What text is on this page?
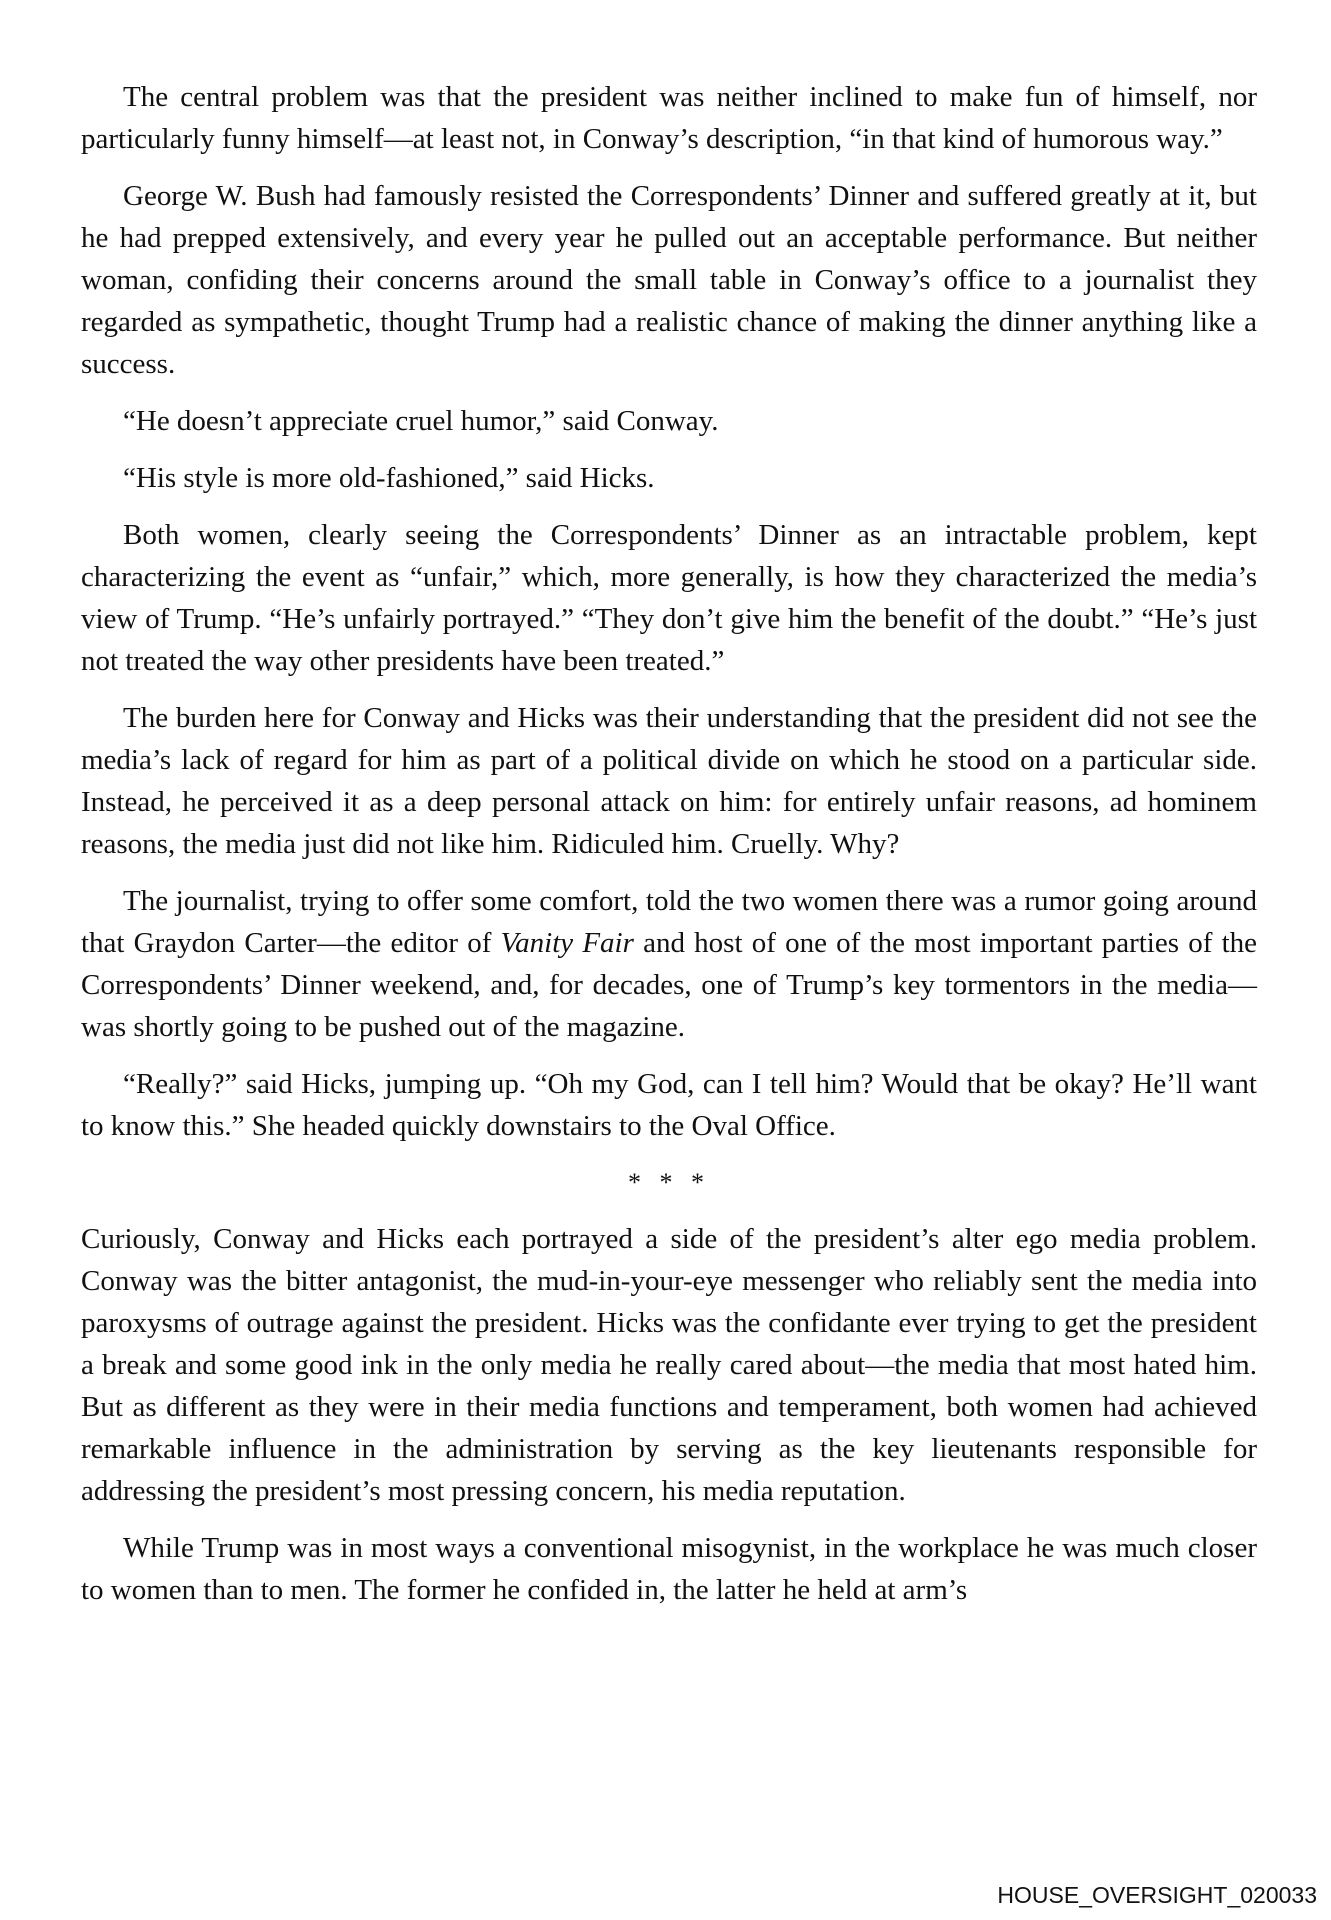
The central problem was that the president was neither inclined to make fun of himself, nor particularly funny himself—at least not, in Conway’s description, “in that kind of humorous way.”

George W. Bush had famously resisted the Correspondents’ Dinner and suffered greatly at it, but he had prepped extensively, and every year he pulled out an acceptable performance. But neither woman, confiding their concerns around the small table in Conway’s office to a journalist they regarded as sympathetic, thought Trump had a realistic chance of making the dinner anything like a success.

“He doesn’t appreciate cruel humor,” said Conway.

“His style is more old-fashioned,” said Hicks.

Both women, clearly seeing the Correspondents’ Dinner as an intractable problem, kept characterizing the event as “unfair,” which, more generally, is how they characterized the media’s view of Trump. “He’s unfairly portrayed.” “They don’t give him the benefit of the doubt.” “He’s just not treated the way other presidents have been treated.”

The burden here for Conway and Hicks was their understanding that the president did not see the media’s lack of regard for him as part of a political divide on which he stood on a particular side. Instead, he perceived it as a deep personal attack on him: for entirely unfair reasons, ad hominem reasons, the media just did not like him. Ridiculed him. Cruelly. Why?

The journalist, trying to offer some comfort, told the two women there was a rumor going around that Graydon Carter—the editor of Vanity Fair and host of one of the most important parties of the Correspondents’ Dinner weekend, and, for decades, one of Trump’s key tormentors in the media—was shortly going to be pushed out of the magazine.

“Really?” said Hicks, jumping up. “Oh my God, can I tell him? Would that be okay? He’ll want to know this.” She headed quickly downstairs to the Oval Office.

* * *

Curiously, Conway and Hicks each portrayed a side of the president’s alter ego media problem. Conway was the bitter antagonist, the mud-in-your-eye messenger who reliably sent the media into paroxysms of outrage against the president. Hicks was the confidante ever trying to get the president a break and some good ink in the only media he really cared about—the media that most hated him. But as different as they were in their media functions and temperament, both women had achieved remarkable influence in the administration by serving as the key lieutenants responsible for addressing the president’s most pressing concern, his media reputation.

While Trump was in most ways a conventional misogynist, in the workplace he was much closer to women than to men. The former he confided in, the latter he held at arm’s

HOUSE_OVERSIGHT_020033
